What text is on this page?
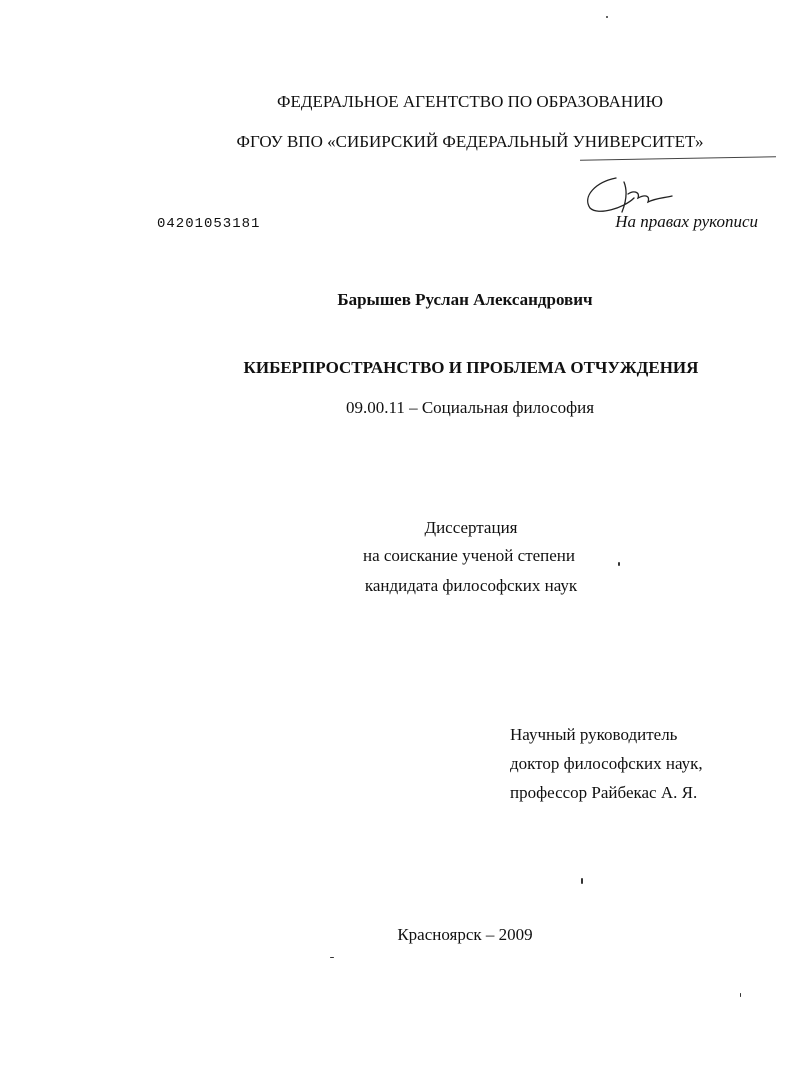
ФЕДЕРАЛЬНОЕ АГЕНТСТВО ПО ОБРАЗОВАНИЮ
ФГОУ ВПО «СИБИРСКИЙ ФЕДЕРАЛЬНЫЙ УНИВЕРСИТЕТ»
04201053181	На правах рукописи
Барышев Руслан Александрович
КИБЕРПРОСТРАНСТВО И ПРОБЛЕМА ОТЧУЖДЕНИЯ
09.00.11 – Социальная философия
Диссертация
на соискание ученой степени
кандидата философских наук
Научный руководитель
доктор философских наук,
профессор Райбекас А. Я.
Красноярск – 2009
